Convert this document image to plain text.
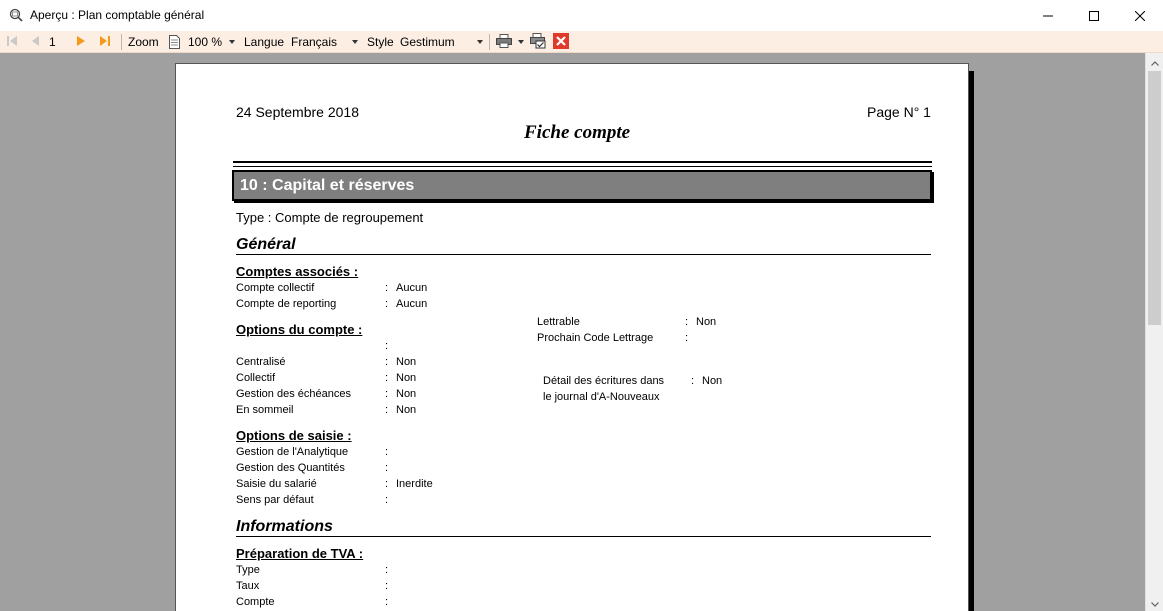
Aperçu : Plan comptable général
1	Zoom 100 % Langue Français Style Gestimum
24 Septembre 2018	Page N° 1
Fiche compte
10 : Capital et réserves
Type : Compte de regroupement
Général
Comptes associés :
Compte collectif	: Aucun
Compte de reporting	: Aucun
Options du compte :
:
Centralisé	: Non
Collectif	: Non
Gestion des échéances	: Non
En sommeil	: Non
Lettrable	: Non
Prochain Code Lettrage	:
Détail des écritures dans
le journal d'A-Nouveaux
: Non
Options de saisie :
Gestion de l'Analytique	:
Gestion des Quantités	:
Saisie du salarié	: Inerdite
Sens par défaut	:
Informations
Préparation de TVA :
Type	:
Taux	:
Compte	:
